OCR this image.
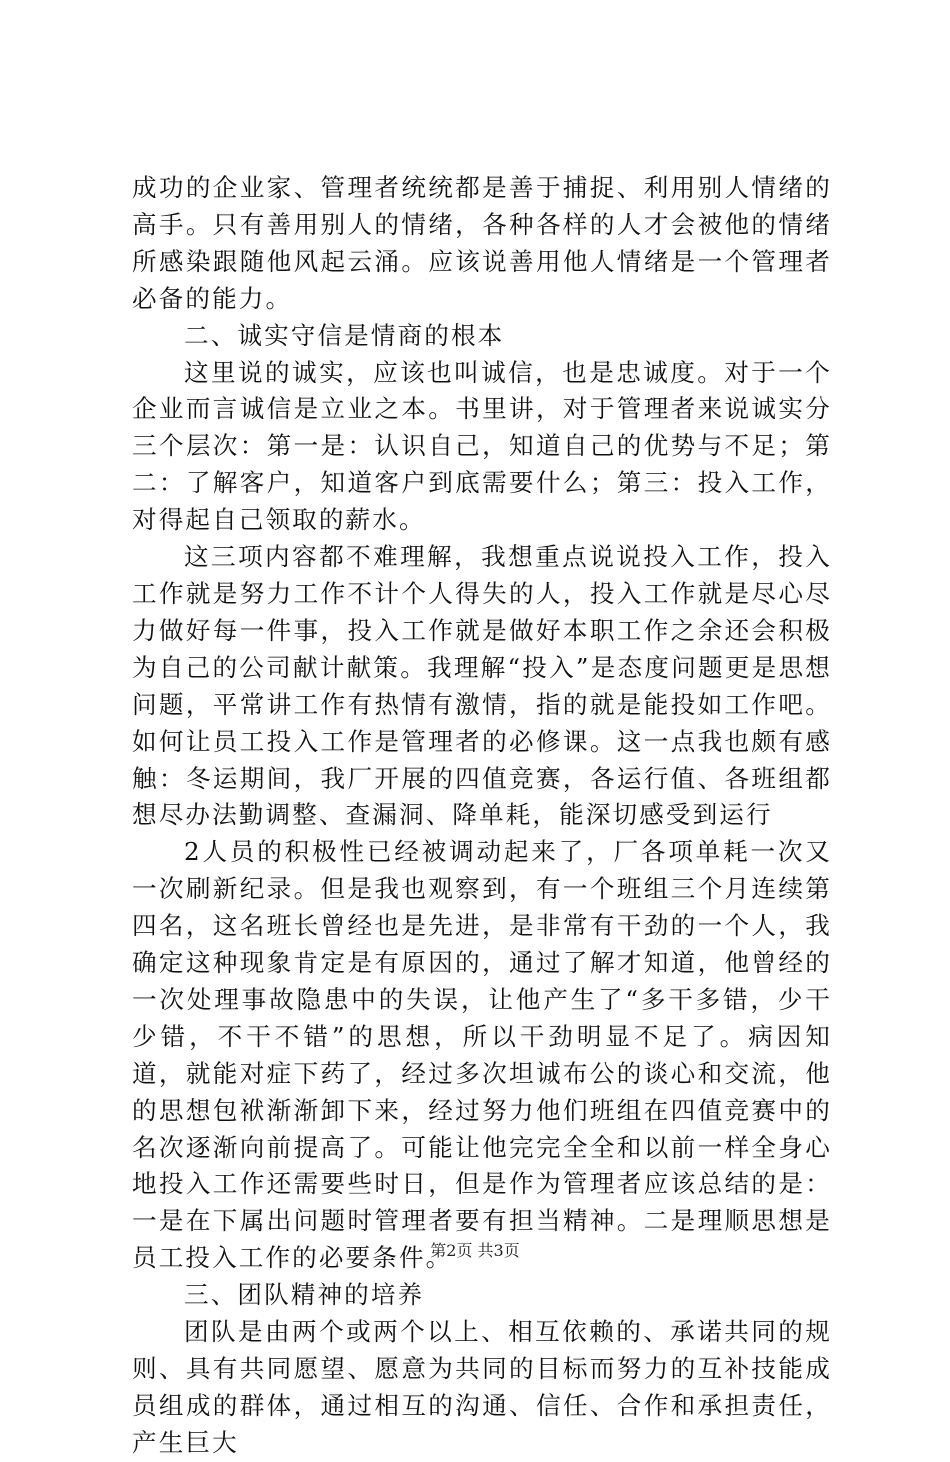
成功的企业家、管理者统统都是善于捕捉、利用别人情绪的高手。只有善用别人的情绪，各种各样的人才会被他的情绪所感染跟随他风起云涌。应该说善用他人情绪是一个管理者必备的能力。

二、诚实守信是情商的根本

这里说的诚实，应该也叫诚信，也是忠诚度。对于一个企业而言诚信是立业之本。书里讲，对于管理者来说诚实分三个层次：第一是：认识自己，知道自己的优势与不足；第二：了解客户，知道客户到底需要什么；第三：投入工作，对得起自己领取的薪水。

这三项内容都不难理解，我想重点说说投入工作，投入工作就是努力工作不计个人得失的人，投入工作就是尽心尽力做好每一件事，投入工作就是做好本职工作之余还会积极为自己的公司献计献策。我理解“投入”是态度问题更是思想问题，平常讲工作有热情有激情，指的就是能投如工作吧。如何让员工投入工作是管理者的必修课。这一点我也颇有感触：冬运期间，我厂开展的四值竞赛，各运行值、各班组都想尽办法勤调整、查漏洞、降单耗，能深切感受到运行

2人员的积极性已经被调动起来了，厂各项单耗一次又一次刷新纪录。但是我也观察到，有一个班组三个月连续第四名，这名班长曾经也是先进，是非常有干劲的一个人，我确定这种现象肯定是有原因的，通过了解才知道，他曾经的一次处理事故隐患中的失误，让他产生了“多干多错，少干少错，不干不错”的思想，所以干劲明显不足了。病因知道，就能对症下药了，经过多次坦诚布公的谈心和交流，他的思想包袱渐渐卸下来，经过努力他们班组在四值竞赛中的名次逐渐向前提高了。可能让他完完全全和以前一样全身心地投入工作还需要些时日，但是作为管理者应该总结的是：一是在下属出问题时管理者要有担当精神。二是理顺思想是员工投入工作的必要条件。

三、团队精神的培养

团队是由两个或两个以上、相互依赖的、承诺共同的规则、具有共同愿望、愿意为共同的目标而努力的互补技能成员组成的群体，通过相互的沟通、信任、合作和承担责任，产生巨大

第2页 共3页
